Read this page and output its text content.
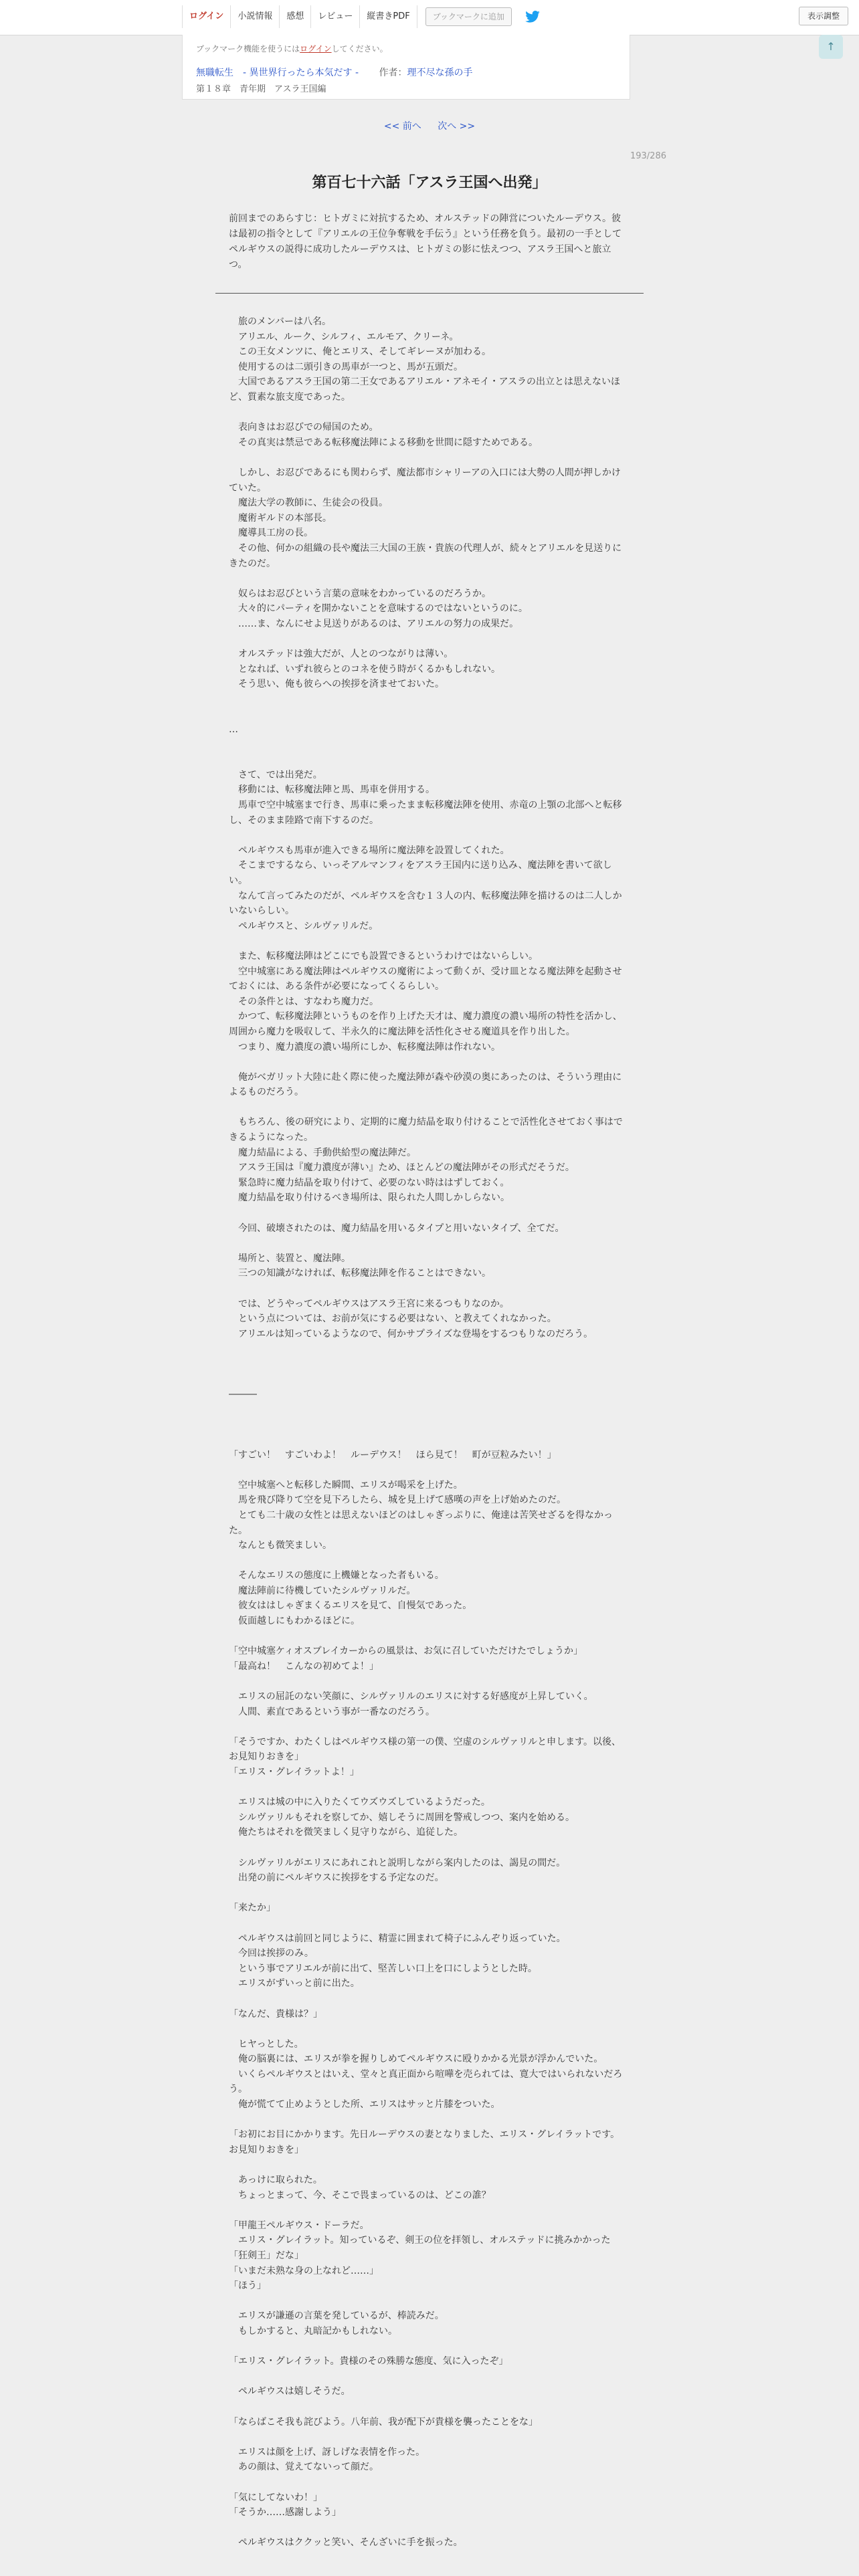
ログイン	小説情報	感想	レビュー	縦書きPDF	ブックマークに追加	表示調整
ブックマーク機能を使うにはログインしてください。
無職転生　- 異世界行ったら本気だす - 作者：理不尽な孫の手
第１８章　青年期　アスラ王国編
↑
<< 前へ 次へ >>
193/286
第百七十六話「アスラ王国へ出発」
前回までのあらすじ：ヒトガミに対抗するため、オルステッドの陣営についたルーデウス。彼は最初の指令として『アリエルの王位争奪戦を手伝う』という任務を負う。最初の一手としてペルギウスの説得に成功したルーデウスは、ヒトガミの影に怯えつつ、アスラ王国へと旅立つ。

　旅のメンバーは八名。

　アリエル、ルーク、シルフィ、エルモア、クリーネ。

　この王女メンツに、俺とエリス、そしてギレーヌが加わる。

　使用するのは二頭引きの馬車が一つと、馬が五頭だ。

　大国であるアスラ王国の第二王女であるアリエル・アネモイ・アスラの出立とは思えないほど、質素な旅支度であった。

　表向きはお忍びでの帰国のため。

　その真実は禁忌である転移魔法陣による移動を世間に隠すためである。

　しかし、お忍びであるにも関わらず、魔法都市シャリーアの入口には大勢の人間が押しかけていた。

　魔法大学の教師に、生徒会の役員。

　魔術ギルドの本部長。

　魔導具工房の長。

　その他、何かの組織の長や魔法三大国の王族・貴族の代理人が、続々とアリエルを見送りにきたのだ。

　奴らはお忍びという言葉の意味をわかっているのだろうか。

　大々的にパーティを開かないことを意味するのではないというのに。

　……ま、なんにせよ見送りがあるのは、アリエルの努力の成果だ。

　オルステッドは強大だが、人とのつながりは薄い。

　となれば、いずれ彼らとのコネを使う時がくるかもしれない。

　そう思い、俺も彼らへの挨拶を済ませておいた。

…

　さて、では出発だ。

　移動には、転移魔法陣と馬、馬車を併用する。

　馬車で空中城塞まで行き、馬車に乗ったまま転移魔法陣を使用、赤竜の上顎の北部へと転移し、そのまま陸路で南下するのだ。

　ペルギウスも馬車が進入できる場所に魔法陣を設置してくれた。

　そこまでするなら、いっそアルマンフィをアスラ王国内に送り込み、魔法陣を書いて欲しい。

　なんて言ってみたのだが、ペルギウスを含む１３人の内、転移魔法陣を描けるのは二人しかいないらしい。

　ペルギウスと、シルヴァリルだ。

　また、転移魔法陣はどこにでも設置できるというわけではないらしい。

　空中城塞にある魔法陣はペルギウスの魔術によって動くが、受け皿となる魔法陣を起動させておくには、ある条件が必要になってくるらしい。

　その条件とは、すなわち魔力だ。

　かつて、転移魔法陣というものを作り上げた天才は、魔力濃度の濃い場所の特性を活かし、周囲から魔力を吸収して、半永久的に魔法陣を活性化させる魔道具を作り出した。

　つまり、魔力濃度の濃い場所にしか、転移魔法陣は作れない。

　俺がベガリット大陸に赴く際に使った魔法陣が森や砂漠の奥にあったのは、そういう理由によるものだろう。

　もちろん、後の研究により、定期的に魔力結晶を取り付けることで活性化させておく事はできるようになった。

　魔力結晶による、手動供給型の魔法陣だ。

　アスラ王国は『魔力濃度が薄い』ため、ほとんどの魔法陣がその形式だそうだ。

　緊急時に魔力結晶を取り付けて、必要のない時ははずしておく。

　魔力結晶を取り付けるべき場所は、限られた人間しかしらない。

　今回、破壊されたのは、魔力結晶を用いるタイプと用いないタイプ、全てだ。

　場所と、装置と、魔法陣。

　三つの知識がなければ、転移魔法陣を作ることはできない。

　では、どうやってペルギウスはアスラ王宮に来るつもりなのか。

　という点については、お前が気にする必要はない、と教えてくれなかった。

　アリエルは知っているようなので、何かサプライズな登場をするつもりなのだろう。

―――

「すごい！　すごいわよ！　ルーデウス！　ほら見て！　町が豆粒みたい！」

　空中城塞へと転移した瞬間、エリスが喝采を上げた。

　馬を飛び降りて空を見下ろしたら、城を見上げて感嘆の声を上げ始めたのだ。

　とても二十歳の女性とは思えないほどのはしゃぎっぷりに、俺達は苦笑せざるを得なかった。

　なんとも微笑ましい。

　そんなエリスの態度に上機嫌となった者もいる。

　魔法陣前に待機していたシルヴァリルだ。

　彼女ははしゃぎまくるエリスを見て、自慢気であった。

　仮面越しにもわかるほどに。

「空中城塞ケィオスブレイカーからの風景は、お気に召していただけたでしょうか」

「最高ね！　こんなの初めてよ！」

　エリスの屈託のない笑顔に、シルヴァリルのエリスに対する好感度が上昇していく。

　人間、素直であるという事が一番なのだろう。

「そうですか、わたくしはペルギウス様の第一の僕、空虚のシルヴァリルと申します。以後、お見知りおきを」

「エリス・グレイラットよ！」

　エリスは城の中に入りたくてウズウズしているようだった。

　シルヴァリルもそれを察してか、嬉しそうに周囲を警戒しつつ、案内を始める。

　俺たちはそれを微笑ましく見守りながら、追従した。

　シルヴァリルがエリスにあれこれと説明しながら案内したのは、謁見の間だ。

　出発の前にペルギウスに挨拶をする予定なのだ。

「来たか」

　ペルギウスは前回と同じように、精霊に囲まれて椅子にふんぞり返っていた。

　今回は挨拶のみ。

　という事でアリエルが前に出て、堅苦しい口上を口にしようとした時。

　エリスがずいっと前に出た。

「なんだ、貴様は？」

　ヒヤっとした。

　俺の脳裏には、エリスが拳を握りしめてペルギウスに殴りかかる光景が浮かんでいた。

　いくらペルギウスとはいえ、堂々と真正面から喧嘩を売られては、寛大ではいられないだろう。

　俺が慌てて止めようとした所、エリスはサッと片膝をついた。

「お初にお目にかかります。先日ルーデウスの妻となりました、エリス・グレイラットです。お見知りおきを」

　あっけに取られた。

　ちょっとまって、今、そこで畏まっているのは、どこの誰？

「甲龍王ペルギウス・ドーラだ。

　エリス・グレイラット。知っているぞ、剣王の位を拝領し、オルステッドに挑みかかった「狂剣王」だな」

「いまだ未熟な身の上なれど……」

「ほう」

　エリスが謙遜の言葉を発しているが、棒読みだ。

　もしかすると、丸暗記かもしれない。

「エリス・グレイラット。貴様のその殊勝な態度、気に入ったぞ」

　ペルギウスは嬉しそうだ。

「ならばこそ我も詫びよう。八年前、我が配下が貴様を襲ったことをな」

　エリスは顔を上げ、訝しげな表情を作った。

　あの顔は、覚えてないって顔だ。

「気にしてないわ！」

「そうか……感謝しよう」

　ペルギウスはククッと笑い、そんざいに手を振った。
